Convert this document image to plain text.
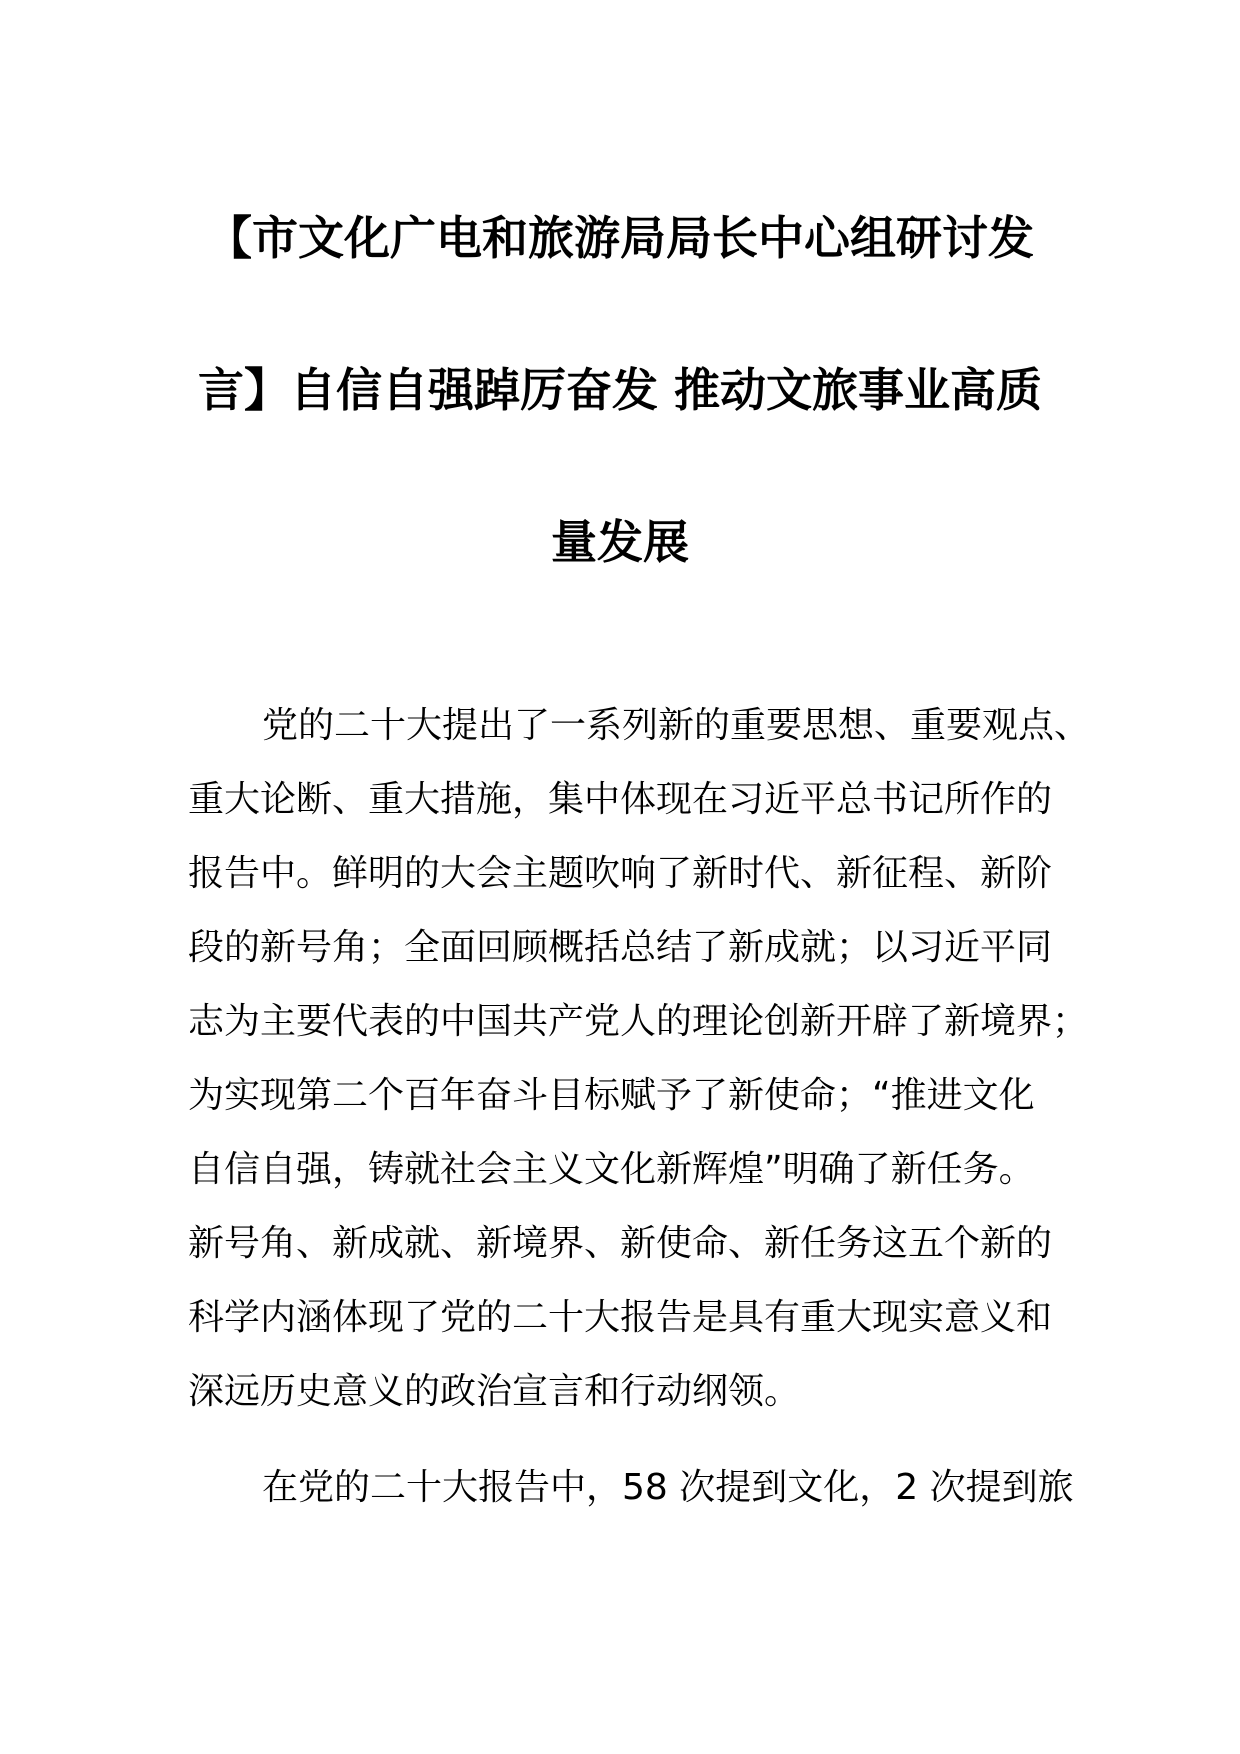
【市文化广电和旅游局局长中心组研讨发
言】自信自强踔厉奋发 推动文旅事业高质
量发展
党的二十大提出了一系列新的重要思想、重要观点、
重大论断、重大措施，集中体现在习近平总书记所作的
报告中。鲜明的大会主题吹响了新时代、新征程、新阶
段的新号角；全面回顾概括总结了新成就；以习近平同
志为主要代表的中国共产党人的理论创新开辟了新境界；
为实现第二个百年奋斗目标赋予了新使命；“推进文化
自信自强，铸就社会主义文化新辉煌”明确了新任务。
新号角、新成就、新境界、新使命、新任务这五个新的
科学内涵体现了党的二十大报告是具有重大现实意义和
深远历史意义的政治宣言和行动纲领。
在党的二十大报告中，58 次提到文化，2 次提到旅
